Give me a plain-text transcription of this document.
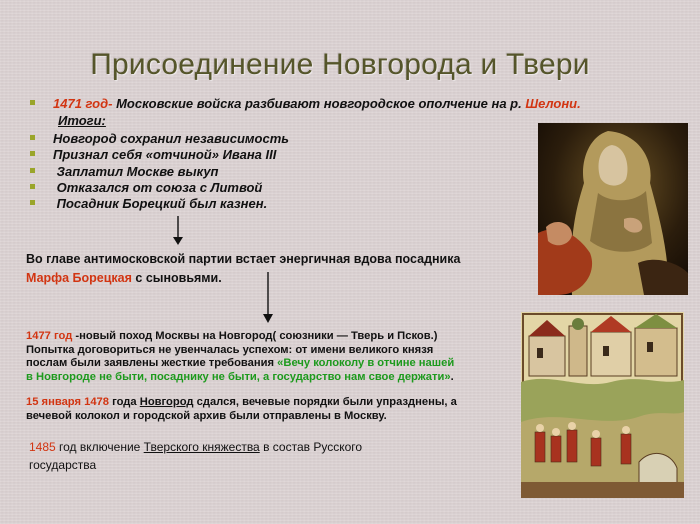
Присоединение Новгорода и Твери
1471 год- Московские войска разбивают новгородское ополчение на р. Шелони.
Итоги:
Новгород сохранил независимость
Признал себя «отчиной» Ивана III
Заплатил Москве выкуп
Отказался от союза с Литвой
Посадник Борецкий был казнен.
Во главе антимосковской партии встает энергичная вдова посадника
Марфа Борецкая с сыновьями.
1477 год -новый поход Москвы на Новгород( союзники — Тверь и Псков.)
Попытка договориться не увенчалась успехом: от имени великого князя
послам были заявлены жесткие требования «Вечу колоколу в отчине нашей
в Новгороде не быти, посаднику не быти, а государство нам свое держати».
15 января 1478 года Новгород сдался, вечевые порядки были упразднены, а
вечевой колокол и городской архив были отправлены в Москву.
1485 год включение Тверского княжества в состав Русского
государства
